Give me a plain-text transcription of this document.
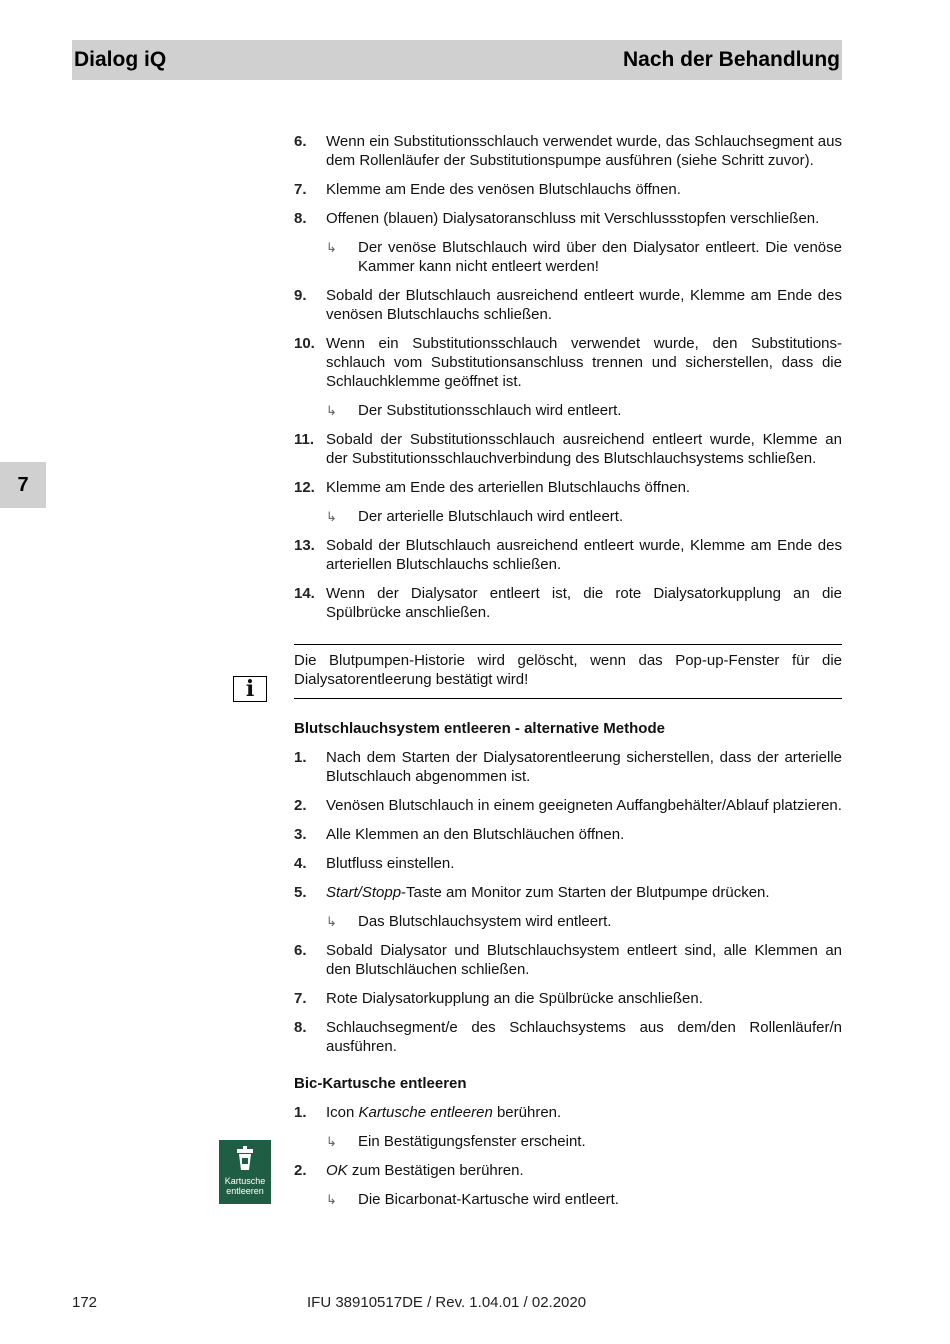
Dialog iQ	Nach der Behandlung
7
i
Kartusche
entleeren
6.	Wenn ein Substitutionsschlauch verwendet wurde, das Schlauchsegment aus dem Rollenläufer der Substitutionspumpe ausführen (siehe Schritt zuvor).
7.	Klemme am Ende des venösen Blutschlauchs öffnen.
8.	Offenen (blauen) Dialysatoranschluss mit Verschlussstopfen verschließen.
↳	Der venöse Blutschlauch wird über den Dialysator entleert. Die venöse Kammer kann nicht entleert werden!
9.	Sobald der Blutschlauch ausreichend entleert wurde, Klemme am Ende des venösen Blutschlauchs schließen.
10. Wenn ein Substitutionsschlauch verwendet wurde, den Substitutions-schlauch vom Substitutionsanschluss trennen und sicherstellen, dass die Schlauchklemme geöffnet ist.
↳	Der Substitutionsschlauch wird entleert.
11. Sobald der Substitutionsschlauch ausreichend entleert wurde, Klemme an der Substitutionsschlauchverbindung des Blutschlauchsystems schließen.
12. Klemme am Ende des arteriellen Blutschlauchs öffnen.
↳	Der arterielle Blutschlauch wird entleert.
13. Sobald der Blutschlauch ausreichend entleert wurde, Klemme am Ende des arteriellen Blutschlauchs schließen.
14. Wenn der Dialysator entleert ist, die rote Dialysatorkupplung an die Spülbrücke anschließen.
Die Blutpumpen-Historie wird gelöscht, wenn das Pop-up-Fenster für die Dialysatorentleerung bestätigt wird!
Blutschlauchsystem entleeren - alternative Methode
1.	Nach dem Starten der Dialysatorentleerung sicherstellen, dass der arterielle Blutschlauch abgenommen ist.
2.	Venösen Blutschlauch in einem geeigneten Auffangbehälter/Ablauf platzieren.
3.	Alle Klemmen an den Blutschläuchen öffnen.
4.	Blutfluss einstellen.
5.	Start/Stopp-Taste am Monitor zum Starten der Blutpumpe drücken.
↳	Das Blutschlauchsystem wird entleert.
6.	Sobald Dialysator und Blutschlauchsystem entleert sind, alle Klemmen an den Blutschläuchen schließen.
7.	Rote Dialysatorkupplung an die Spülbrücke anschließen.
8.	Schlauchsegment/e des Schlauchsystems aus dem/den Rollenläufer/n ausführen.
Bic-Kartusche entleeren
1.	Icon Kartusche entleeren berühren.
↳	Ein Bestätigungsfenster erscheint.
2.	OK zum Bestätigen berühren.
↳	Die Bicarbonat-Kartusche wird entleert.
172	IFU 38910517DE / Rev. 1.04.01 / 02.2020
